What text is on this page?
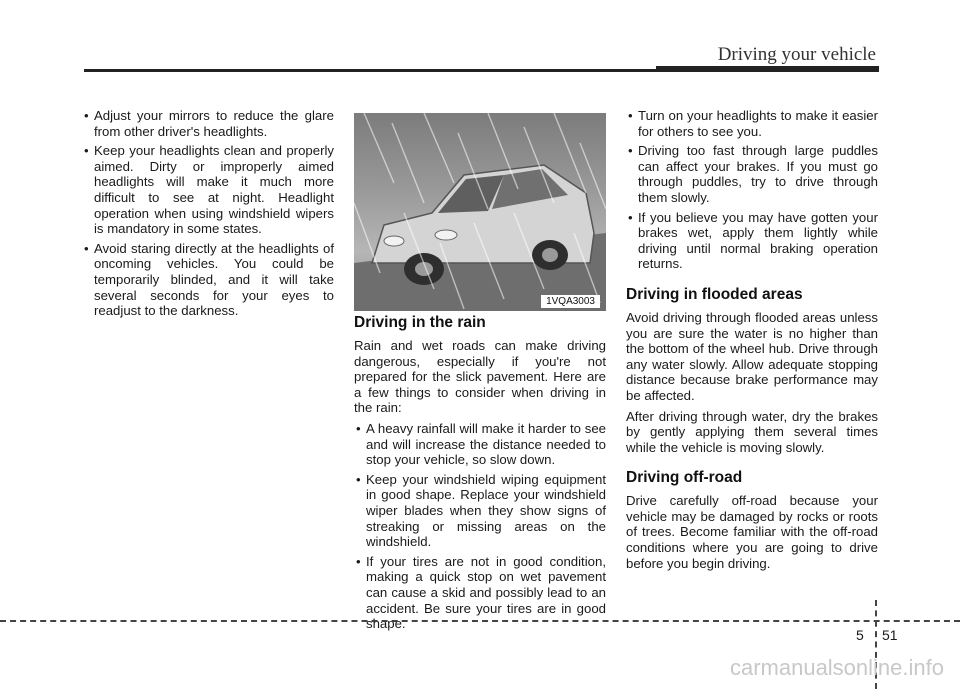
Driving your vehicle
• Adjust your mirrors to reduce the glare from other driver's headlights.
• Keep your headlights clean and properly aimed. Dirty or improperly aimed headlights will make it much more difficult to see at night. Headlight operation when using windshield wipers is mandatory in some states.
• Avoid staring directly at the headlights of oncoming vehicles. You could be temporarily blinded, and it will take several seconds for your eyes to readjust to the darkness.
1VQA3003
Driving in the rain

Rain and wet roads can make driving dangerous, especially if you're not prepared for the slick pavement. Here are a few things to consider when driving in the rain:

• A heavy rainfall will make it harder to see and will increase the distance needed to stop your vehicle, so slow down.
• Keep your windshield wiping equipment in good shape. Replace your windshield wiper blades when they show signs of streaking or missing areas on the windshield.
• If your tires are not in good condition, making a quick stop on wet pavement can cause a skid and possibly lead to an accident. Be sure your tires are in good shape.
• Turn on your headlights to make it easier for others to see you.
• Driving too fast through large puddles can affect your brakes. If you must go through puddles, try to drive through them slowly.
• If you believe you may have gotten your brakes wet, apply them lightly while driving until normal braking operation returns.
Driving in flooded areas

Avoid driving through flooded areas unless you are sure the water is no higher than the bottom of the wheel hub. Drive through any water slowly. Allow adequate stopping distance because brake performance may be affected.

After driving through water, dry the brakes by gently applying them several times while the vehicle is moving slowly.

Driving off-road

Drive carefully off-road because your vehicle may be damaged by rocks or roots of trees. Become familiar with the off-road conditions where you are going to drive before you begin driving.

5 51
carmanualsonline.info
